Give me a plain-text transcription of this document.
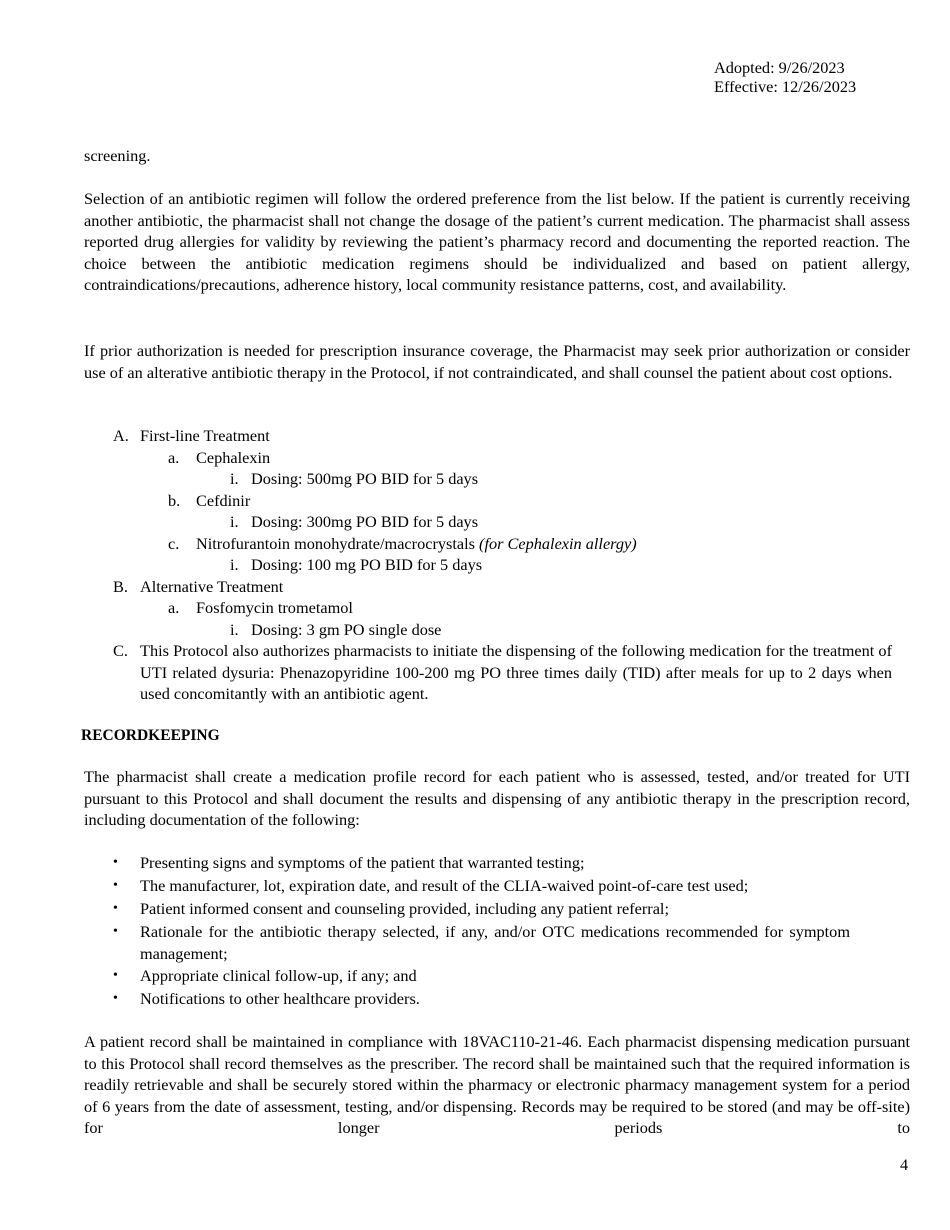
Adopted: 9/26/2023
Effective: 12/26/2023
screening.
Selection of an antibiotic regimen will follow the ordered preference from the list below. If the patient is currently receiving another antibiotic, the pharmacist shall not change the dosage of the patient’s current medication. The pharmacist shall assess reported drug allergies for validity by reviewing the patient’s pharmacy record and documenting the reported reaction. The choice between the antibiotic medication regimens should be individualized and based on patient allergy, contraindications/precautions, adherence history, local community resistance patterns, cost, and availability.
If prior authorization is needed for prescription insurance coverage, the Pharmacist may seek prior authorization or consider use of an alterative antibiotic therapy in the Protocol, if not contraindicated, and shall counsel the patient about cost options.
A. First-line Treatment
a. Cephalexin
i. Dosing: 500mg PO BID for 5 days
b. Cefdinir
i. Dosing: 300mg PO BID for 5 days
c. Nitrofurantoin monohydrate/macrocrystals (for Cephalexin allergy)
i. Dosing: 100 mg PO BID for 5 days
B. Alternative Treatment
a. Fosfomycin trometamol
i. Dosing: 3 gm PO single dose
C. This Protocol also authorizes pharmacists to initiate the dispensing of the following medication for the treatment of UTI related dysuria: Phenazopyridine 100-200 mg PO three times daily (TID) after meals for up to 2 days when used concomitantly with an antibiotic agent.
RECORDKEEPING
The pharmacist shall create a medication profile record for each patient who is assessed, tested, and/or treated for UTI pursuant to this Protocol and shall document the results and dispensing of any antibiotic therapy in the prescription record, including documentation of the following:
• Presenting signs and symptoms of the patient that warranted testing;
• The manufacturer, lot, expiration date, and result of the CLIA-waived point-of-care test used;
• Patient informed consent and counseling provided, including any patient referral;
• Rationale for the antibiotic therapy selected, if any, and/or OTC medications recommended for symptom management;
• Appropriate clinical follow-up, if any; and
• Notifications to other healthcare providers.
A patient record shall be maintained in compliance with 18VAC110-21-46. Each pharmacist dispensing medication pursuant to this Protocol shall record themselves as the prescriber. The record shall be maintained such that the required information is readily retrievable and shall be securely stored within the pharmacy or electronic pharmacy management system for a period of 6 years from the date of assessment, testing, and/or dispensing. Records may be required to be stored (and may be off-site) for longer periods to
4
